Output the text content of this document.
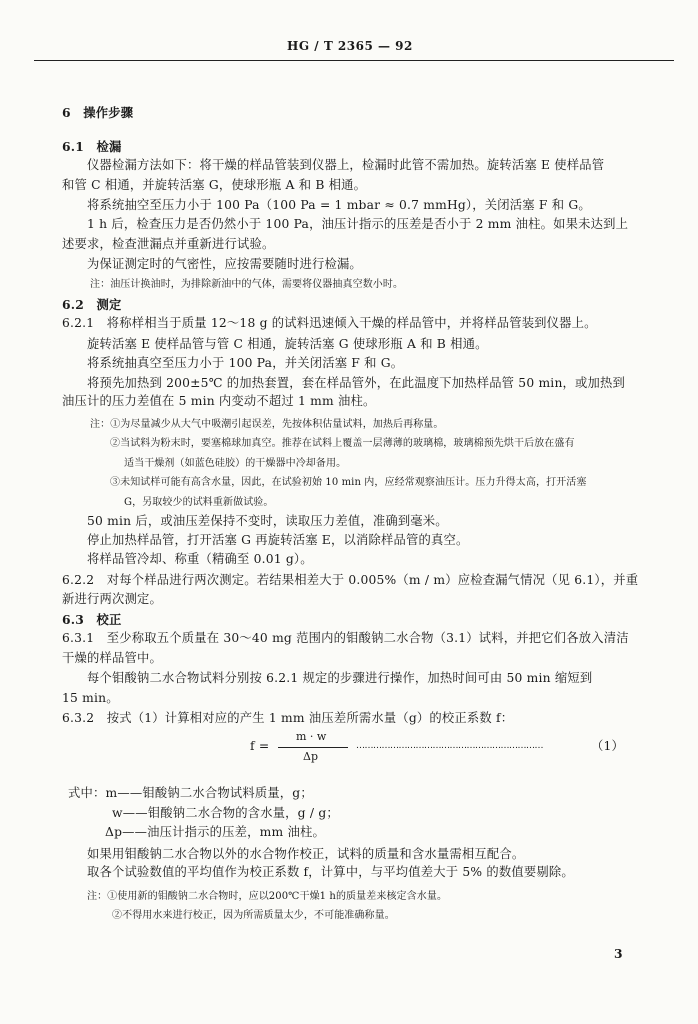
HG / T 2365 — 92
6　操作步骤
6.1　检漏
仪器检漏方法如下：将干燥的样品管装到仪器上，检漏时此管不需加热。旋转活塞 E 使样品管
和管 C 相通，并旋转活塞 G，使球形瓶 A 和 B 相通。
将系统抽空至压力小于 100 Pa（100 Pa = 1 mbar ≈ 0.7 mmHg），关闭活塞 F 和 G。
1 h 后，检查压力是否仍然小于 100 Pa，油压计指示的压差是否小于 2 mm 油柱。如果未达到上
述要求，检查泄漏点并重新进行试验。
为保证测定时的气密性，应按需要随时进行检漏。
注：油压计换油时，为排除新油中的气体，需要将仪器抽真空数小时。
6.2　测定
6.2.1　将称样相当于质量 12～18 g 的试料迅速倾入干燥的样品管中，并将样品管装到仪器上。
旋转活塞 E 使样品管与管 C 相通，旋转活塞 G 使球形瓶 A 和 B 相通。
将系统抽真空至压力小于 100 Pa，并关闭活塞 F 和 G。
将预先加热到 200±5℃ 的加热套置，套在样品管外，在此温度下加热样品管 50 min，或加热到
油压计的压力差值在 5 min 内变动不超过 1 mm 油柱。
注：①为尽量减少从大气中吸潮引起误差，先按体积估量试料，加热后再称量。
②当试料为粉末时，要塞棉球加真空。推荐在试料上覆盖一层薄薄的玻璃棉，玻璃棉预先烘干后放在盛有
适当干燥剂（如蓝色硅胶）的干燥器中冷却备用。
③未知试样可能有高含水量，因此，在试验初始 10 min 内，应经常观察油压计。压力升得太高，打开活塞
G，另取较少的试料重新做试验。
50 min 后，或油压差保持不变时，读取压力差值，准确到毫米。
停止加热样品管，打开活塞 G 再旋转活塞 E，以消除样品管的真空。
将样品管冷却、称重（精确至 0.01 g）。
6.2.2　对每个样品进行两次测定。若结果相差大于 0.005%（m / m）应检查漏气情况（见 6.1），并重
新进行两次测定。
6.3　校正
6.3.1　至少称取五个质量在 30～40 mg 范围内的钼酸钠二水合物（3.1）试料，并把它们各放入清洁
干燥的样品管中。
每个钼酸钠二水合物试料分别按 6.2.1 规定的步骤进行操作，加热时间可由 50 min 缩短到
15 min。
6.3.2　按式（1）计算相对应的产生 1 mm 油压差所需水量（g）的校正系数 f：
f =
m · w
Δp
…………………………………………………………	（1）
式中：m——钼酸钠二水合物试料质量，g；
w——钼酸钠二水合物的含水量，g / g；
Δp——油压计指示的压差，mm 油柱。
如果用钼酸钠二水合物以外的水合物作校正，试料的质量和含水量需相互配合。
取各个试验数值的平均值作为校正系数 f，计算中，与平均值差大于 5% 的数值要剔除。
注：①使用新的钼酸钠二水合物时，应以200℃干燥1 h的质量差来核定含水量。
②不得用水来进行校正，因为所需质量太少，不可能准确称量。
3
